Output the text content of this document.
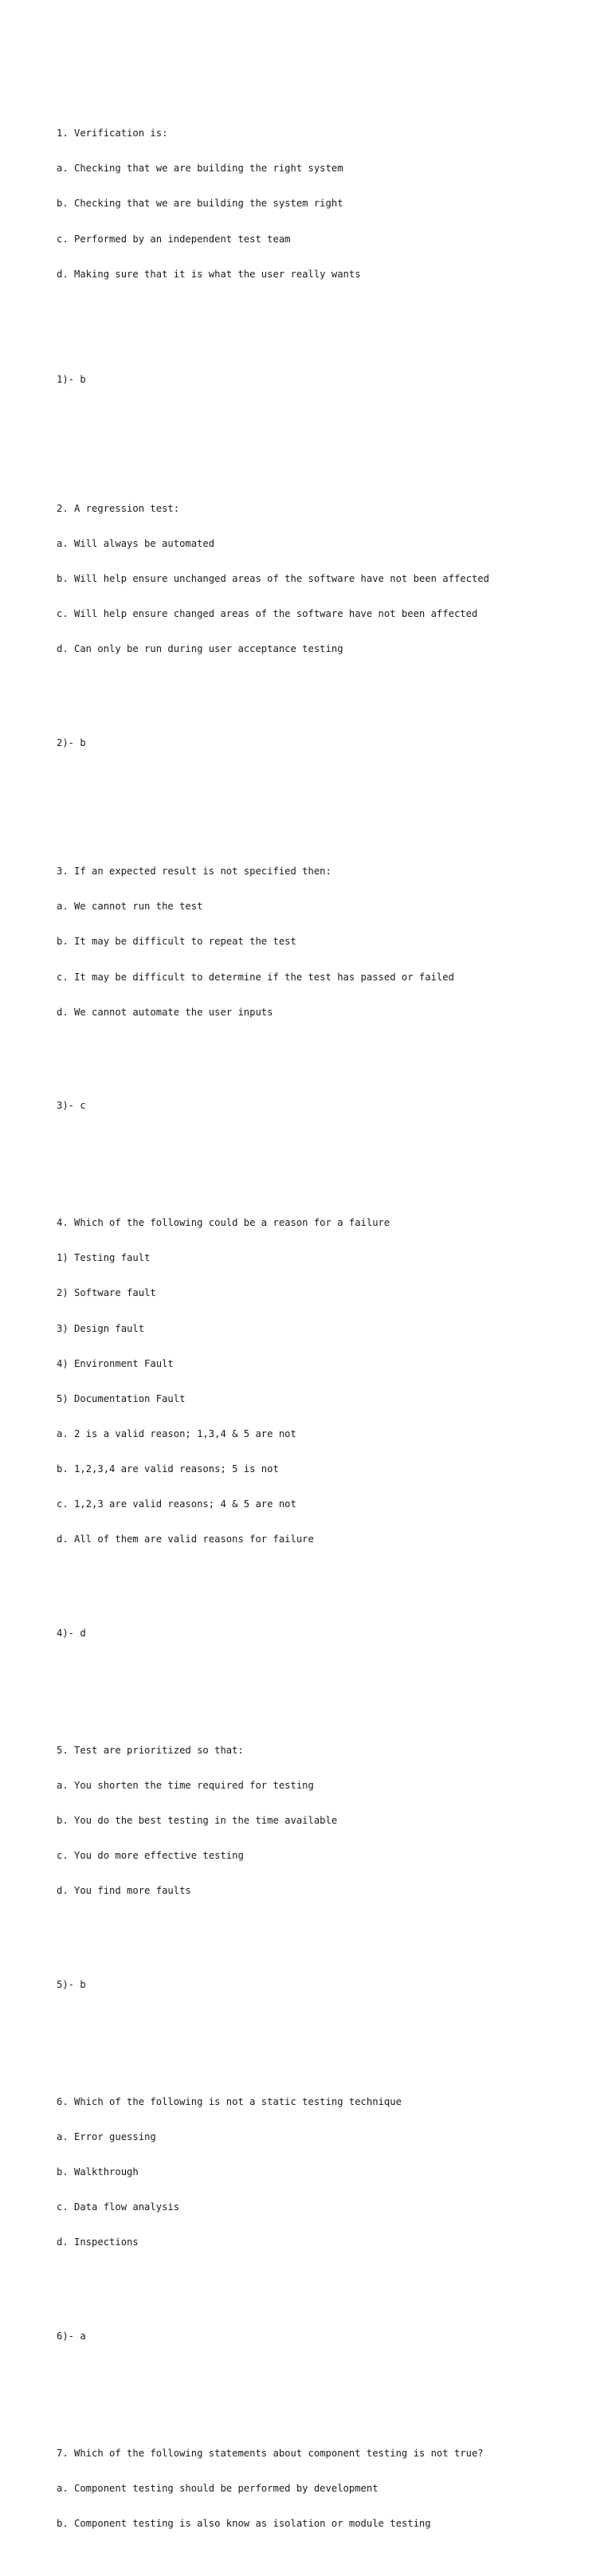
1. Verification is:

a. Checking that we are building the right system

b. Checking that we are building the system right

c. Performed by an independent test team

d. Making sure that it is what the user really wants

1)- b

2. A regression test:

a. Will always be automated

b. Will help ensure unchanged areas of the software have not been affected

c. Will help ensure changed areas of the software have not been affected

d. Can only be run during user acceptance testing

2)- b

3. If an expected result is not specified then:

a. We cannot run the test

b. It may be difficult to repeat the test

c. It may be difficult to determine if the test has passed or failed

d. We cannot automate the user inputs

3)- c

4. Which of the following could be a reason for a failure

1) Testing fault

2) Software fault

3) Design fault

4) Environment Fault

5) Documentation Fault

a. 2 is a valid reason; 1,3,4 & 5 are not

b. 1,2,3,4 are valid reasons; 5 is not

c. 1,2,3 are valid reasons; 4 & 5 are not

d. All of them are valid reasons for failure

4)- d

5. Test are prioritized so that:

a. You shorten the time required for testing

b. You do the best testing in the time available

c. You do more effective testing

d. You find more faults

5)- b

6. Which of the following is not a static testing technique

a. Error guessing

b. Walkthrough

c. Data flow analysis

d. Inspections

6)- a

7. Which of the following statements about component testing is not true?

a. Component testing should be performed by development

b. Component testing is also know as isolation or module testing
